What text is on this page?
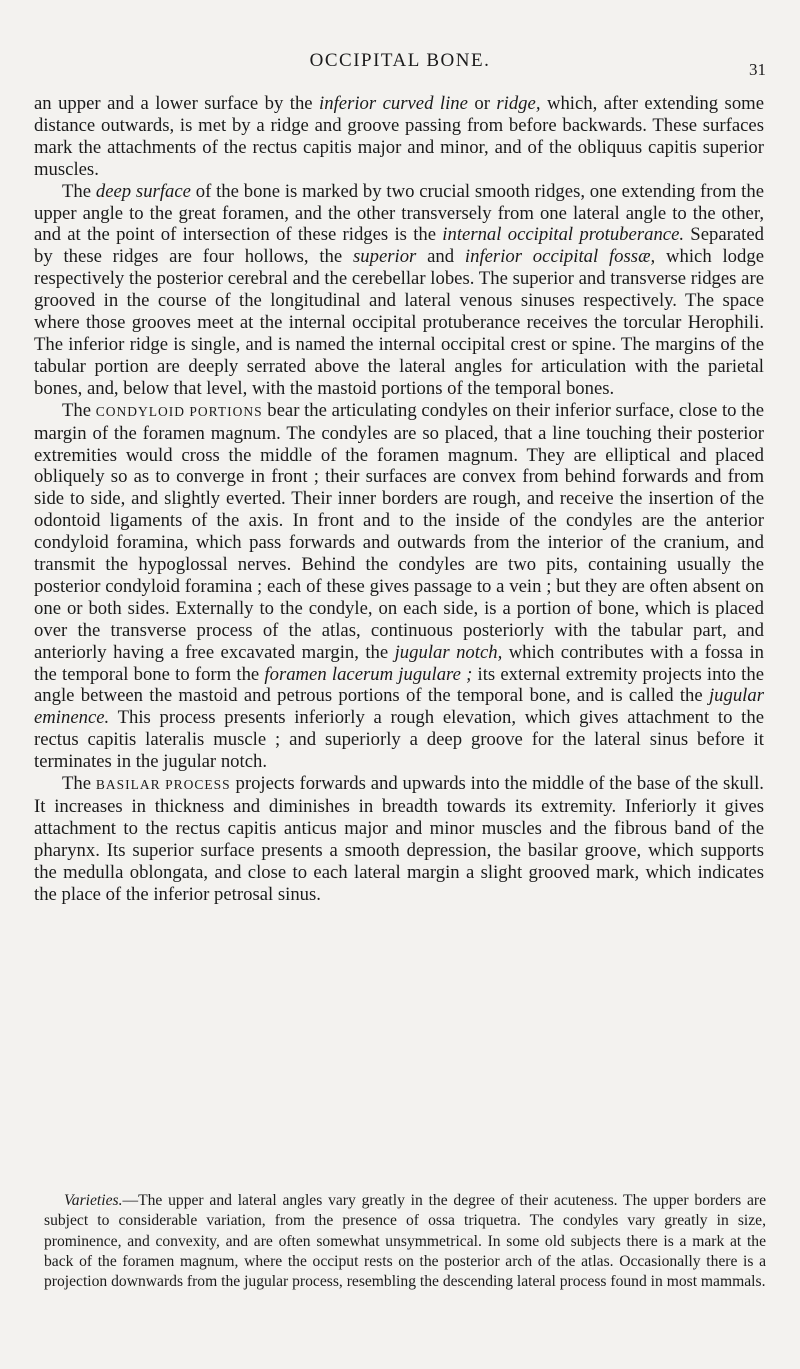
OCCIPITAL BONE.	31

an upper and a lower surface by the inferior curved line or ridge, which, after extending some distance outwards, is met by a ridge and groove passing from before backwards. These surfaces mark the attachments of the rectus capitis major and minor, and of the obliquus capitis superior muscles.

The deep surface of the bone is marked by two crucial smooth ridges, one extending from the upper angle to the great foramen, and the other transversely from one lateral angle to the other, and at the point of intersection of these ridges is the internal occipital protuberance. Separated by these ridges are four hollows, the superior and inferior occipital fossæ, which lodge respectively the posterior cerebral and the cerebellar lobes. The superior and transverse ridges are grooved in the course of the longitudinal and lateral venous sinuses respectively. The space where those grooves meet at the internal occipital protuberance receives the torcular Herophili. The inferior ridge is single, and is named the internal occipital crest or spine. The margins of the tabular portion are deeply serrated above the lateral angles for articulation with the parietal bones, and, below that level, with the mastoid portions of the temporal bones.

The CONDYLOID PORTIONS bear the articulating condyles on their inferior surface, close to the margin of the foramen magnum. The condyles are so placed, that a line touching their posterior extremities would cross the middle of the foramen magnum. They are elliptical and placed obliquely so as to converge in front ; their surfaces are convex from behind forwards and from side to side, and slightly everted. Their inner borders are rough, and receive the insertion of the odontoid ligaments of the axis. In front and to the inside of the condyles are the anterior condyloid foramina, which pass forwards and outwards from the interior of the cranium, and transmit the hypoglossal nerves. Behind the condyles are two pits, containing usually the posterior condyloid foramina ; each of these gives passage to a vein ; but they are often absent on one or both sides. Externally to the condyle, on each side, is a portion of bone, which is placed over the transverse process of the atlas, continuous posteriorly with the tabular part, and anteriorly having a free excavated margin, the jugular notch, which contributes with a fossa in the temporal bone to form the foramen lacerum jugulare ; its external extremity projects into the angle between the mastoid and petrous portions of the temporal bone, and is called the jugular eminence. This process presents inferiorly a rough elevation, which gives attachment to the rectus capitis lateralis muscle ; and superiorly a deep groove for the lateral sinus before it terminates in the jugular notch.

The BASILAR PROCESS projects forwards and upwards into the middle of the base of the skull. It increases in thickness and diminishes in breadth towards its extremity. Inferiorly it gives attachment to the rectus capitis anticus major and minor muscles and the fibrous band of the pharynx. Its superior surface presents a smooth depression, the basilar groove, which supports the medulla oblongata, and close to each lateral margin a slight grooved mark, which indicates the place of the inferior petrosal sinus.

Varieties.—The upper and lateral angles vary greatly in the degree of their acuteness. The upper borders are subject to considerable variation, from the presence of ossa triquetra. The condyles vary greatly in size, prominence, and convexity, and are often somewhat unsymmetrical. In some old subjects there is a mark at the back of the foramen magnum, where the occiput rests on the posterior arch of the atlas. Occasionally there is a projection downwards from the jugular process, resembling the descending lateral process found in most mammals.
